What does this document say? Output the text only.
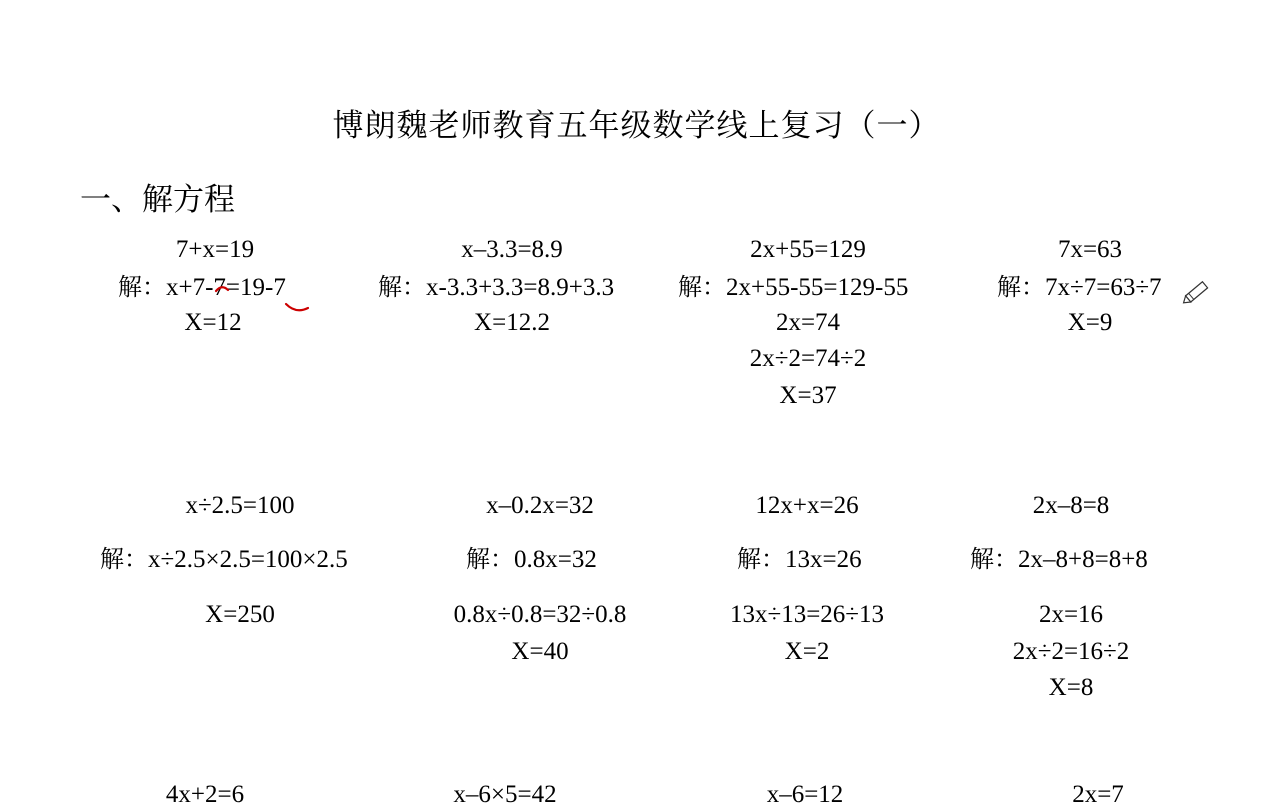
博朗魏老师教育五年级数学线上复习（一）
一、解方程
7+x=19
解：x+7-7=19-7
X=12
x–3.3=8.9
解：x-3.3+3.3=8.9+3.3
X=12.2
2x+55=129
解：2x+55-55=129-55
2x=74
2x÷2=74÷2
X=37
7x=63
解：7x÷7=63÷7
X=9
x÷2.5=100
解：x÷2.5×2.5=100×2.5
X=250
x–0.2x=32
解：0.8x=32
0.8x÷0.8=32÷0.8
X=40
12x+x=26
解：13x=26
13x÷13=26÷13
X=2
2x–8=8
解：2x–8+8=8+8
2x=16
2x÷2=16÷2
X=8
4x+2=6	x–6×5=42	x–6=12	2x=7
